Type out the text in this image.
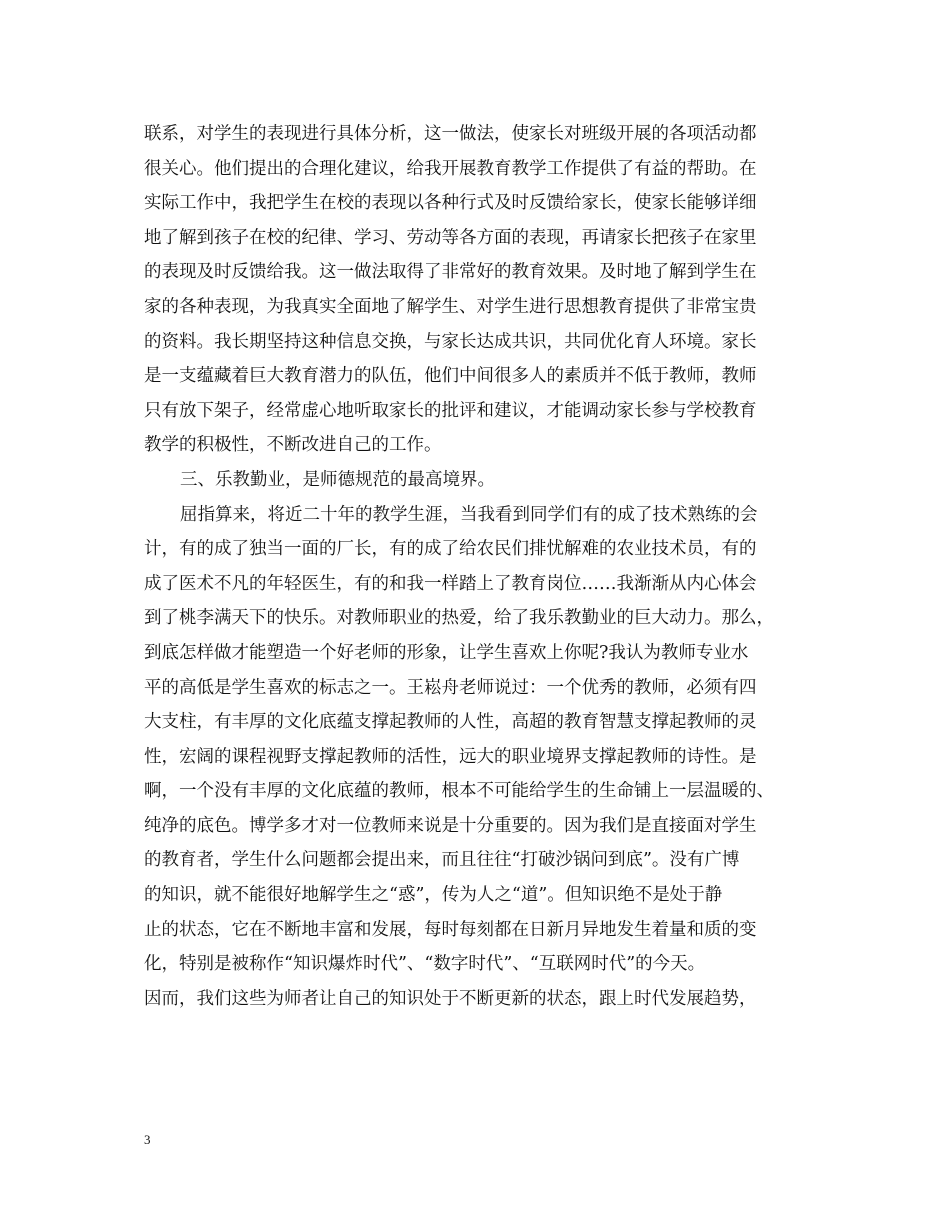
联系，对学生的表现进行具体分析，这一做法，使家长对班级开展的各项活动都
很关心。他们提出的合理化建议，给我开展教育教学工作提供了有益的帮助。在
实际工作中，我把学生在校的表现以各种行式及时反馈给家长，使家长能够详细
地了解到孩子在校的纪律、学习、劳动等各方面的表现，再请家长把孩子在家里
的表现及时反馈给我。这一做法取得了非常好的教育效果。及时地了解到学生在
家的各种表现，为我真实全面地了解学生、对学生进行思想教育提供了非常宝贵
的资料。我长期坚持这种信息交换，与家长达成共识，共同优化育人环境。家长
是一支蕴藏着巨大教育潜力的队伍，他们中间很多人的素质并不低于教师，教师
只有放下架子，经常虚心地听取家长的批评和建议，才能调动家长参与学校教育
教学的积极性，不断改进自己的工作。
三、乐教勤业，是师德规范的最高境界。
屈指算来，将近二十年的教学生涯，当我看到同学们有的成了技术熟练的会
计，有的成了独当一面的厂长，有的成了给农民们排忧解难的农业技术员，有的
成了医术不凡的年轻医生，有的和我一样踏上了教育岗位……我渐渐从内心体会
到了桃李满天下的快乐。对教师职业的热爱，给了我乐教勤业的巨大动力。那么，
到底怎样做才能塑造一个好老师的形象，让学生喜欢上你呢?我认为教师专业水
平的高低是学生喜欢的标志之一。王崧舟老师说过：一个优秀的教师，必须有四
大支柱，有丰厚的文化底蕴支撑起教师的人性，高超的教育智慧支撑起教师的灵
性，宏阔的课程视野支撑起教师的活性，远大的职业境界支撑起教师的诗性。是
啊，一个没有丰厚的文化底蕴的教师，根本不可能给学生的生命铺上一层温暖的、
纯净的底色。博学多才对一位教师来说是十分重要的。因为我们是直接面对学生
的教育者，学生什么问题都会提出来，而且往往“打破沙锅问到底”。没有广博
的知识，就不能很好地解学生之“惑”，传为人之“道”。但知识绝不是处于静
止的状态，它在不断地丰富和发展，每时每刻都在日新月异地发生着量和质的变
化，特别是被称作“知识爆炸时代”、“数字时代”、“互联网时代”的今天。
因而，我们这些为师者让自己的知识处于不断更新的状态，跟上时代发展趋势，
3
